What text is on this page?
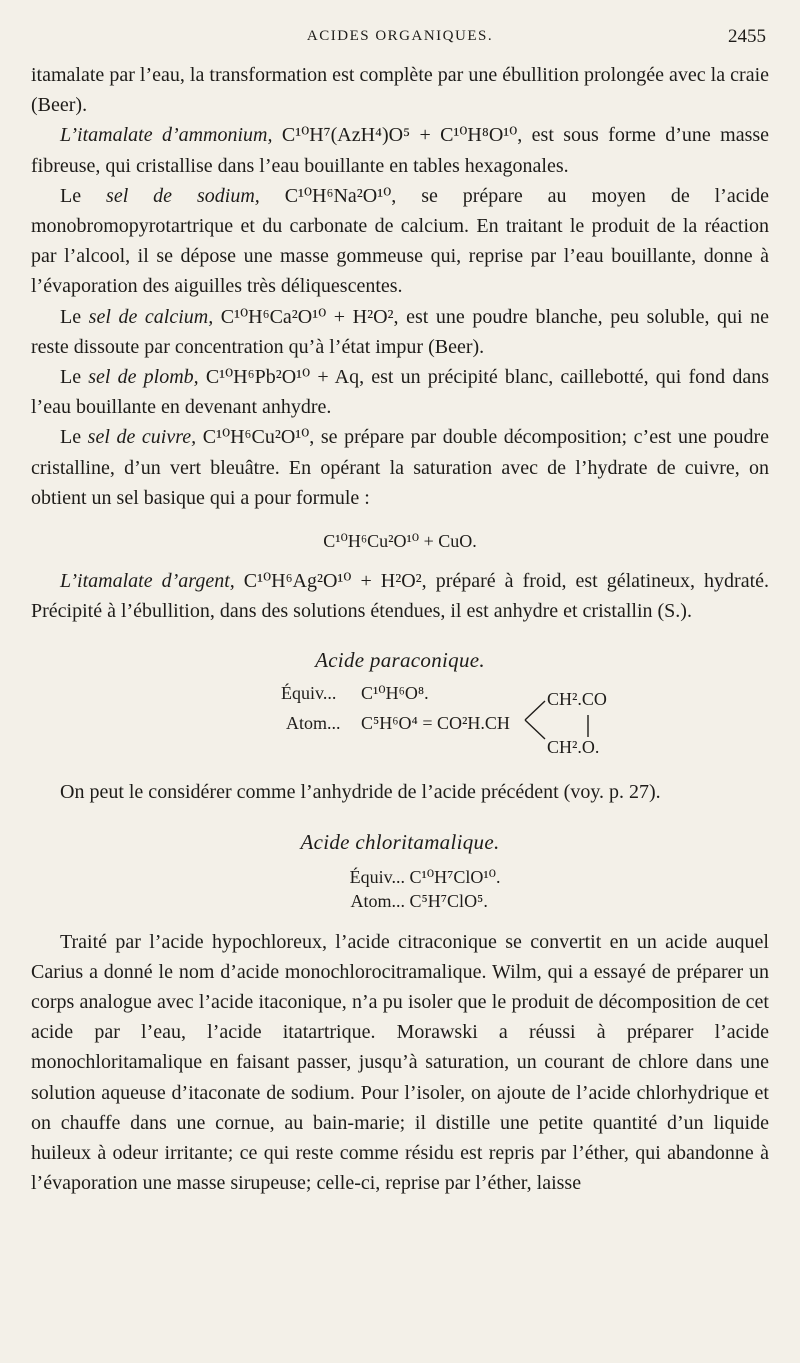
ACIDES ORGANIQUES.	2455

itamalate par l’eau, la transformation est complète par une ébullition prolongée avec la craie (Beer).

L’itamalate d’ammonium, C¹⁰H⁷(AzH⁴)O⁵ + C¹⁰H⁸O¹⁰, est sous forme d’une masse fibreuse, qui cristallise dans l’eau bouillante en tables hexagonales.

Le sel de sodium, C¹⁰H⁶Na²O¹⁰, se prépare au moyen de l’acide monobromopyrotartrique et du carbonate de calcium. En traitant le produit de la réaction par l’alcool, il se dépose une masse gommeuse qui, reprise par l’eau bouillante, donne à l’évaporation des aiguilles très déliquescentes.

Le sel de calcium, C¹⁰H⁶Ca²O¹⁰ + H²O², est une poudre blanche, peu soluble, qui ne reste dissoute par concentration qu’à l’état impur (Beer).

Le sel de plomb, C¹⁰H⁶Pb²O¹⁰ + Aq, est un précipité blanc, caillebotté, qui fond dans l’eau bouillante en devenant anhydre.

Le sel de cuivre, C¹⁰H⁶Cu²O¹⁰, se prépare par double décomposition; c’est une poudre cristalline, d’un vert bleuâtre. En opérant la saturation avec de l’hydrate de cuivre, on obtient un sel basique qui a pour formule :

C¹⁰H⁶Cu²O¹⁰ + CuO.

L’itamalate d’argent, C¹⁰H⁶Ag²O¹⁰ + H²O², préparé à froid, est gélatineux, hydraté. Précipité à l’ébullition, dans des solutions étendues, il est anhydre et cristallin (S.).

Acide paraconique.
Équiv... C¹⁰H⁶O⁸.
Atom... C⁵H⁶O⁴ = CO²H.CH
CH².CO
CH².O.

On peut le considérer comme l’anhydride de l’acide précédent (voy. p. 27).

Acide chloritamalique.
Équiv... C¹⁰H⁷ClO¹⁰.
Atom... C⁵H⁷ClO⁵.

Traité par l’acide hypochloreux, l’acide citraconique se convertit en un acide auquel Carius a donné le nom d’acide monochlorocitramalique. Wilm, qui a essayé de préparer un corps analogue avec l’acide itaconique, n’a pu isoler que le produit de décomposition de cet acide par l’eau, l’acide itatartrique. Morawski a réussi à préparer l’acide monochloritamalique en faisant passer, jusqu’à saturation, un courant de chlore dans une solution aqueuse d’itaconate de sodium. Pour l’isoler, on ajoute de l’acide chlorhydrique et on chauffe dans une cornue, au bain-marie; il distille une petite quantité d’un liquide huileux à odeur irritante; ce qui reste comme résidu est repris par l’éther, qui abandonne à l’évaporation une masse sirupeuse; celle-ci, reprise par l’éther, laisse
